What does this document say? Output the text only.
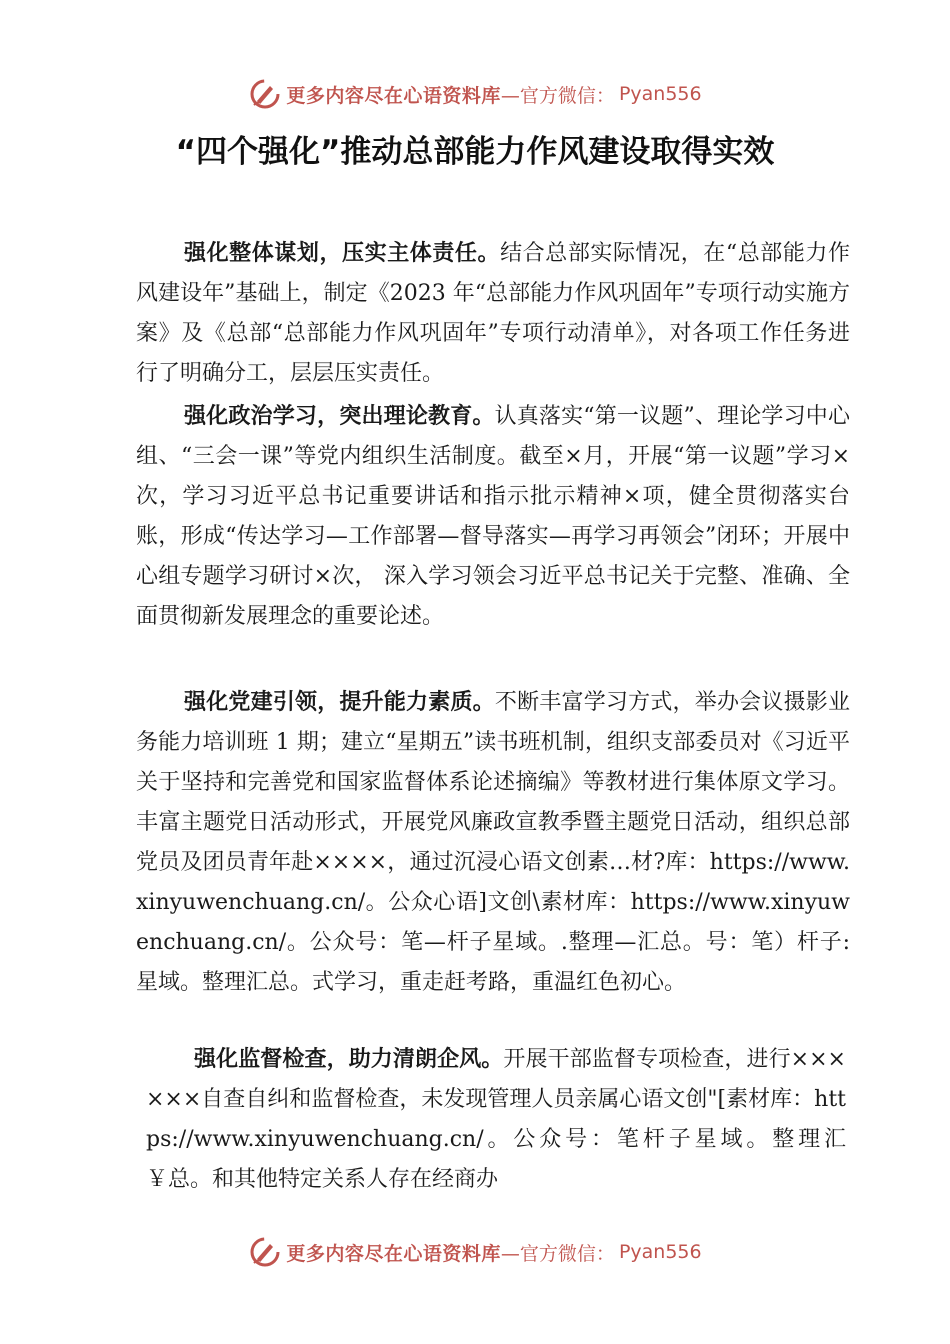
更多内容尽在心语资料库 —官方微信： Pyan556
“四个强化”推动总部能力作风建设取得实效

强化整体谋划，压实主体责任。结合总部实际情况，在“总部能力作风建设年”基础上，制定《2023 年“总部能力作风巩固年”专项行动实施方案》及《总部“总部能力作风巩固年”专项行动清单》，对各项工作任务进行了明确分工，层层压实责任。

强化政治学习，突出理论教育。认真落实“第一议题”、理论学习中心组、“三会一课”等党内组织生活制度。截至×月，开展“第一议题”学习×次，学习习近平总书记重要讲话和指示批示精神×项，健全贯彻落实台账，形成“传达学习—工作部署—督导落实—再学习再领会”闭环；开展中心组专题学习研讨×次， 深入学习领会习近平总书记关于完整、准确、全面贯彻新发展理念的重要论述。

强化党建引领，提升能力素质。不断丰富学习方式，举办会议摄影业务能力培训班 1 期；建立“星期五”读书班机制，组织支部委员对《习近平关于坚持和完善党和国家监督体系论述摘编》等教材进行集体原文学习。丰富主题党日活动形式，开展党风廉政宣教季暨主题党日活动，组织总部党员及团员青年赴××××，通过沉浸心语文创素…材?库：https://www.xinyuwenchuang.cn/。公众心语]文创\素材库：https://www.xinyuwenchuang.cn/。公众号：笔—杆子星域。.整理—汇总。号：笔）杆子:星域。整理汇总。式学习，重走赶考路，重温红色初心。

强化监督检查，助力清朗企风。开展干部监督专项检查，进行××××××自查自纠和监督检查，未发现管理人员亲属心语文创"[素材库：https://www.xinyuwenchuang.cn/。公众号：笔杆子星域。整理汇￥总。和其他特定关系人存在经商办

更多内容尽在心语资料库 —官方微信： Pyan556
